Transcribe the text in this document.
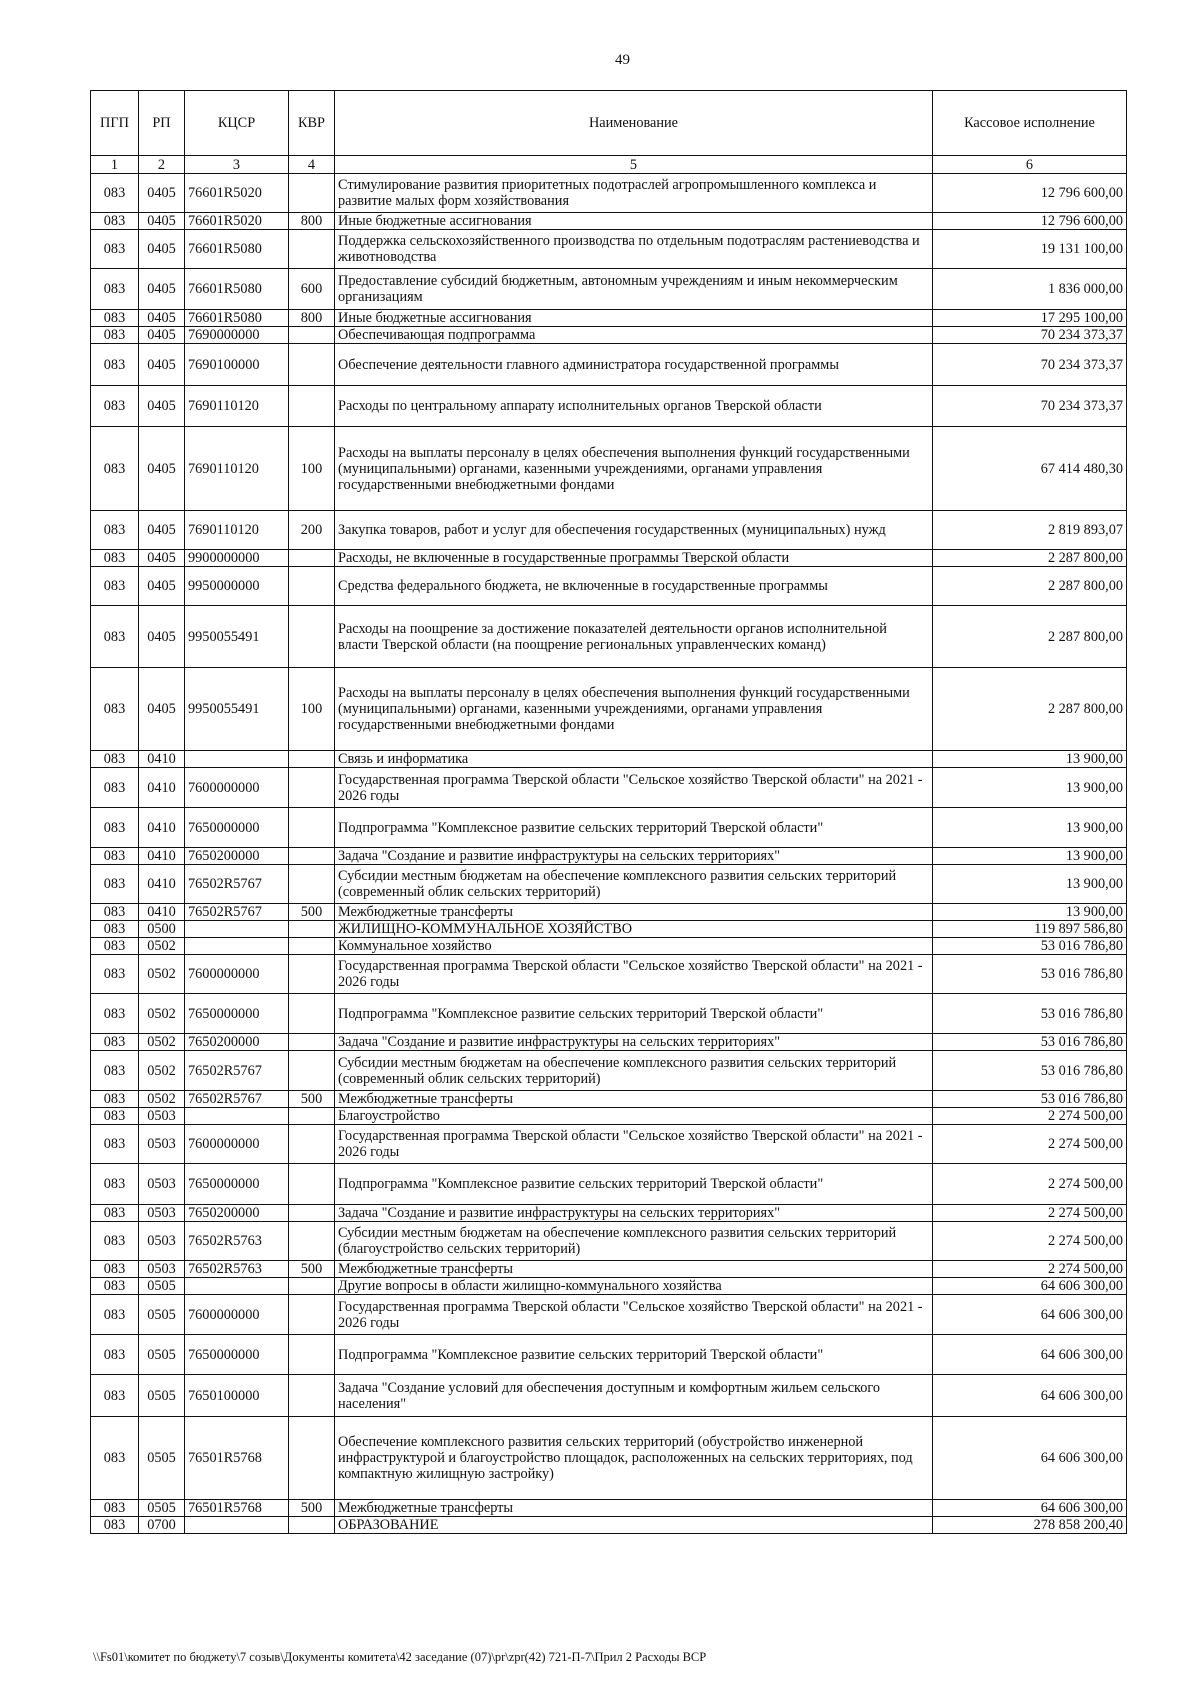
49
ПГП	РП	КЦСР	КВР	Наименование	Кассовое исполнение
1	2	3	4	5	6
083	0405	76601R5020		Стимулирование развития приоритетных подотраслей агропромышленного комплекса и развитие малых форм хозяйствования	12 796 600,00
083	0405	76601R5020	800	Иные бюджетные ассигнования	12 796 600,00
083	0405	76601R5080		Поддержка сельскохозяйственного производства по отдельным подотраслям растениеводства и животноводства	19 131 100,00
083	0405	76601R5080	600	Предоставление субсидий бюджетным, автономным учреждениям и иным некоммерческим организациям	1 836 000,00
083	0405	76601R5080	800	Иные бюджетные ассигнования	17 295 100,00
083	0405	7690000000		Обеспечивающая подпрограмма	70 234 373,37
083	0405	7690100000		Обеспечение деятельности главного администратора государственной программы	70 234 373,37
083	0405	7690110120		Расходы по центральному аппарату исполнительных органов Тверской области	70 234 373,37
083	0405	7690110120	100	Расходы на выплаты персоналу в целях обеспечения выполнения функций государственными (муниципальными) органами, казенными учреждениями, органами управления государственными внебюджетными фондами	67 414 480,30
083	0405	7690110120	200	Закупка товаров, работ и услуг для обеспечения государственных (муниципальных) нужд	2 819 893,07
083	0405	9900000000		Расходы, не включенные в государственные программы Тверской области	2 287 800,00
083	0405	9950000000		Средства федерального бюджета, не включенные в государственные программы	2 287 800,00
083	0405	9950055491		Расходы на поощрение за достижение показателей деятельности органов исполнительной власти Тверской области (на поощрение региональных управленческих команд)	2 287 800,00
083	0405	9950055491	100	Расходы на выплаты персоналу в целях обеспечения выполнения функций государственными (муниципальными) органами, казенными учреждениями, органами управления государственными внебюджетными фондами	2 287 800,00
083	0410			Связь и информатика	13 900,00
083	0410	7600000000		Государственная программа Тверской области "Сельское хозяйство Тверской области" на 2021 - 2026 годы	13 900,00
083	0410	7650000000		Подпрограмма "Комплексное развитие сельских территорий Тверской области"	13 900,00
083	0410	7650200000		Задача "Создание и развитие инфраструктуры на сельских территориях"	13 900,00
083	0410	76502R5767		Субсидии местным бюджетам на обеспечение комплексного развития сельских территорий (современный облик сельских территорий)	13 900,00
083	0410	76502R5767	500	Межбюджетные трансферты	13 900,00
083	0500			ЖИЛИЩНО-КОММУНАЛЬНОЕ ХОЗЯЙСТВО	119 897 586,80
083	0502			Коммунальное хозяйство	53 016 786,80
083	0502	7600000000		Государственная программа Тверской области "Сельское хозяйство Тверской области" на 2021 - 2026 годы	53 016 786,80
083	0502	7650000000		Подпрограмма "Комплексное развитие сельских территорий Тверской области"	53 016 786,80
083	0502	7650200000		Задача "Создание и развитие инфраструктуры на сельских территориях"	53 016 786,80
083	0502	76502R5767		Субсидии местным бюджетам на обеспечение комплексного развития сельских территорий (современный облик сельских территорий)	53 016 786,80
083	0502	76502R5767	500	Межбюджетные трансферты	53 016 786,80
083	0503			Благоустройство	2 274 500,00
083	0503	7600000000		Государственная программа Тверской области "Сельское хозяйство Тверской области" на 2021 - 2026 годы	2 274 500,00
083	0503	7650000000		Подпрограмма "Комплексное развитие сельских территорий Тверской области"	2 274 500,00
083	0503	7650200000		Задача "Создание и развитие инфраструктуры на сельских территориях"	2 274 500,00
083	0503	76502R5763		Субсидии местным бюджетам на обеспечение комплексного развития сельских территорий (благоустройство сельских территорий)	2 274 500,00
083	0503	76502R5763	500	Межбюджетные трансферты	2 274 500,00
083	0505			Другие вопросы в области жилищно-коммунального хозяйства	64 606 300,00
083	0505	7600000000		Государственная программа Тверской области "Сельское хозяйство Тверской области" на 2021 - 2026 годы	64 606 300,00
083	0505	7650000000		Подпрограмма "Комплексное развитие сельских территорий Тверской области"	64 606 300,00
083	0505	7650100000		Задача "Создание условий для обеспечения доступным и комфортным жильем сельского населения"	64 606 300,00
083	0505	76501R5768		Обеспечение комплексного развития сельских территорий (обустройство инженерной инфраструктурой и благоустройство площадок, расположенных на сельских территориях, под компактную жилищную застройку)	64 606 300,00
083	0505	76501R5768	500	Межбюджетные трансферты	64 606 300,00
083	0700			ОБРАЗОВАНИЕ	278 858 200,40
\\Fs01\комитет по бюджету\7 созыв\Документы комитета\42 заседание (07)\pr\zpr(42) 721-П-7\Прил 2 Расходы ВСР
